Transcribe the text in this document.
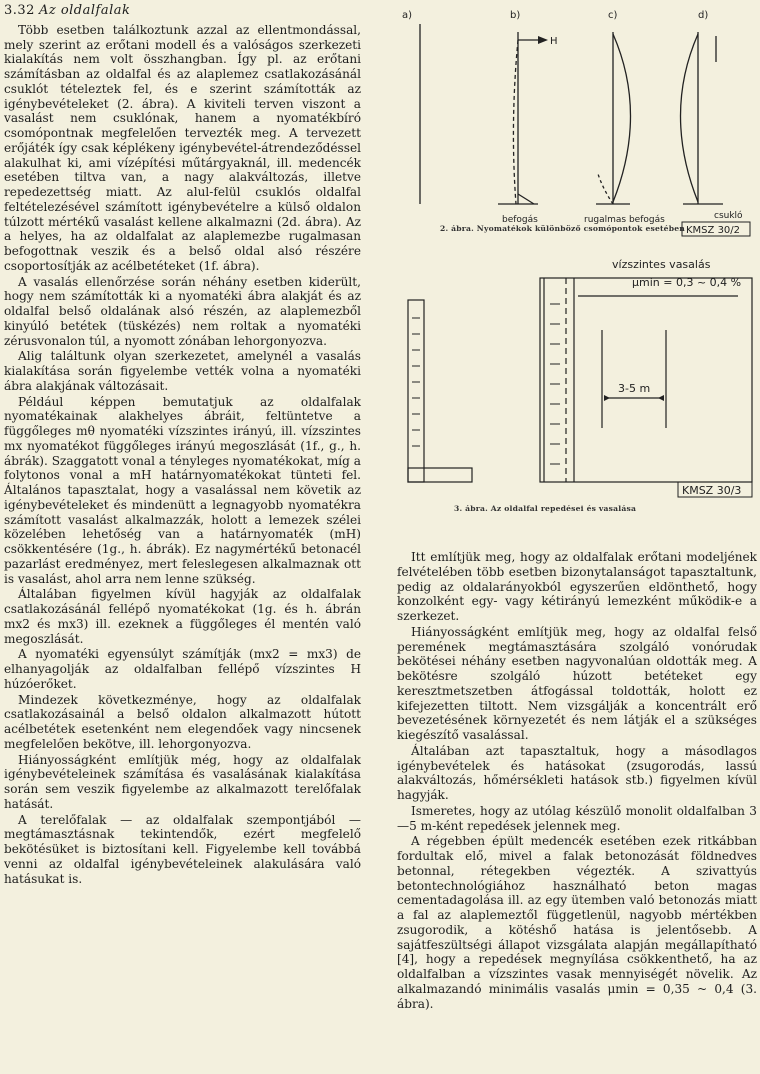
3.32 Az oldalfalak

Több esetben találkoztunk azzal az ellentmondással, mely szerint az erőtani modell és a valóságos szerkezeti kialakítás nem volt összhangban. Így pl. az erőtani számításban az oldalfal és az alaplemez csatlakozásánál csuklót tételeztek fel, és e szerint számították az igénybevételeket (2. ábra). A kiviteli terven viszont a vasalást nem csuklónak, hanem a nyomatékbíró csomópontnak megfelelően tervezték meg. A tervezett erőjáték így csak képlékeny igénybevétel-átrendeződéssel alakulhat ki, ami vízépítési műtárgyaknál, ill. medencék esetében tiltva van, a nagy alakváltozás, illetve repedezettség miatt. Az alul-felül csuklós oldalfal feltételezésével számított igénybevételre a külső oldalon túlzott mértékű vasalást kellene alkalmazni (2d. ábra). Az a helyes, ha az oldalfalat az alaplemezbe rugalmasan befogottnak veszik és a belső oldal alsó részére csoportosítják az acélbetéteket (1f. ábra).

A vasalás ellenőrzése során néhány esetben kiderült, hogy nem számították ki a nyomatéki ábra alakját és az oldalfal belső oldalának alsó részén, az alaplemezből kinyúló betétek (tüskézés) nem roltak a nyomatéki zérusvonalon túl, a nyomott zónában lehorgonyozva.

Alig találtunk olyan szerkezetet, amelynél a vasalás kialakítása során figyelembe vették volna a nyomatéki ábra alakjának változásait.

Például képpen bemutatjuk az oldalfalak nyomatékainak alakhelyes ábráit, feltüntetve a függőleges mθ nyomatéki vízszintes irányú, ill. vízszintes mx nyomatékot függőleges irányú megoszlását (1f., g., h. ábrák). Szaggatott vonal a tényleges nyomatékokat, míg a folytonos vonal a mH határnyomatékokat tünteti fel. Általános tapasztalat, hogy a vasalással nem követik az igénybevételeket és mindenütt a legnagyobb nyomatékra számított vasalást alkalmazzák, holott a lemezek szélei közelében lehetőség van a határnyomaték (mH) csökkentésére (1g., h. ábrák). Ez nagymértékű betonacél pazarlást eredményez, mert feleslegesen alkalmaznak ott is vasalást, ahol arra nem lenne szükség.

Általában figyelmen kívül hagyják az oldalfalak csatlakozásánál fellépő nyomatékokat (1g. és h. ábrán mx2 és mx3) ill. ezeknek a függőleges él mentén való megoszlását.

A nyomatéki egyensúlyt számítják (mx2 = mx3) de elhanyagolják az oldalfalban fellépő vízszintes H húzóerőket.

Mindezek következménye, hogy az oldalfalak csatlakozásainál a belső oldalon alkalmazott hútott acélbetétek esetenként nem elegendőek vagy nincsenek megfelelően bekötve, ill. lehorgonyozva.

Hiányosságként említjük még, hogy az oldalfalak igénybevételeinek számítása és vasalásának kialakítása során sem veszik figyelembe az alkalmazott terelőfalak hatását.

A terelőfalak — az oldalfalak szempontjából — megtámasztásnak tekintendők, ezért megfelelő bekötésüket is biztosítani kell. Figyelembe kell továbbá venni az oldalfal igénybevételeinek alakulására való hatásukat is.

a)	b)	c)	d)
H
befogás	rugalmas befogás	csukló
KMSZ 30/2
2. ábra. Nyomatékok különböző csomópontok esetében
vízszintes vasalás
μmin = 0,3 ~ 0,4 %
3-5 m
KMSZ 30/3
3. ábra. Az oldalfal repedései és vasalása

Itt említjük meg, hogy az oldalfalak erőtani modeljének felvételében több esetben bizonytalanságot tapasztaltunk, pedig az oldalarányokból egyszerűen eldönthető, hogy konzolként egy- vagy kétirányú lemezként működik-e a szerkezet.

Hiányosságként említjük meg, hogy az oldalfal felső peremének megtámasztására szolgáló vonórudak bekötései néhány esetben nagyvonalúan oldották meg. A bekötésre szolgáló húzott betéteket egy keresztmetszetben átfogással toldották, holott ez kifejezetten tiltott. Nem vizsgálják a koncentrált erő bevezetésének környezetét és nem látják el a szükséges kiegészítő vasalással.

Általában azt tapasztaltuk, hogy a másodlagos igénybevételek és hatásokat (zsugorodás, lassú alakváltozás, hőmérsékleti hatások stb.) figyelmen kívül hagyják.

Ismeretes, hogy az utólag készülő monolit oldalfalban 3—5 m-ként repedések jelennek meg.

A régebben épült medencék esetében ezek ritkábban fordultak elő, mivel a falak betonozását földnedves betonnal, rétegekben végezték. A szivattyús betontechnológiához használható beton magas cementadagolása ill. az egy ütemben való betonozás miatt a fal az alaplemeztől függetlenül, nagyobb mértékben zsugorodik, a kötéshő hatása is jelentősebb. A sajátfeszültségi állapot vizsgálata alapján megállapítható [4], hogy a repedések megnyílása csökkenthető, ha az oldalfalban a vízszintes vasak mennyiségét növelik. Az alkalmazandó minimális vasalás μmin = 0,35 ~ 0,4 (3. ábra).
